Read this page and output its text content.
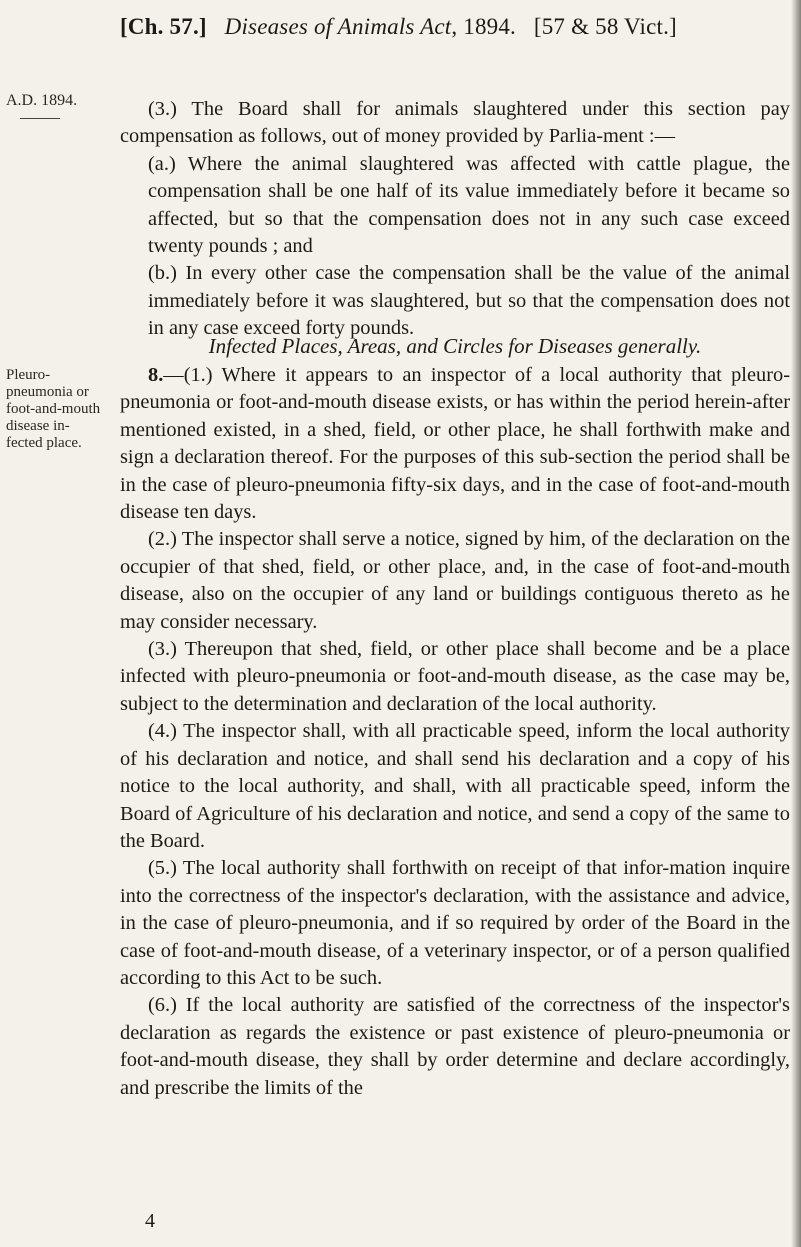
[Ch. 57.] Diseases of Animals Act, 1894. [57 & 58 Vict.]
A.D. 1894.
Pleuro-pneumonia or foot-and-mouth disease in-fected place.

(3.) The Board shall for animals slaughtered under this section pay compensation as follows, out of money provided by Parlia-ment :—

(a.) Where the animal slaughtered was affected with cattle plague, the compensation shall be one half of its value immediately before it became so affected, but so that the compensation does not in any such case exceed twenty pounds ; and

(b.) In every other case the compensation shall be the value of the animal immediately before it was slaughtered, but so that the compensation does not in any case exceed forty pounds.

Infected Places, Areas, and Circles for Diseases generally.

8.—(1.) Where it appears to an inspector of a local authority that pleuro-pneumonia or foot-and-mouth disease exists, or has within the period herein-after mentioned existed, in a shed, field, or other place, he shall forthwith make and sign a declaration thereof. For the purposes of this sub-section the period shall be in the case of pleuro-pneumonia fifty-six days, and in the case of foot-and-mouth disease ten days.

(2.) The inspector shall serve a notice, signed by him, of the declaration on the occupier of that shed, field, or other place, and, in the case of foot-and-mouth disease, also on the occupier of any land or buildings contiguous thereto as he may consider necessary.

(3.) Thereupon that shed, field, or other place shall become and be a place infected with pleuro-pneumonia or foot-and-mouth disease, as the case may be, subject to the determination and declaration of the local authority.

(4.) The inspector shall, with all practicable speed, inform the local authority of his declaration and notice, and shall send his declaration and a copy of his notice to the local authority, and shall, with all practicable speed, inform the Board of Agriculture of his declaration and notice, and send a copy of the same to the Board.

(5.) The local authority shall forthwith on receipt of that infor-mation inquire into the correctness of the inspector's declaration, with the assistance and advice, in the case of pleuro-pneumonia, and if so required by order of the Board in the case of foot-and-mouth disease, of a veterinary inspector, or of a person qualified according to this Act to be such.

(6.) If the local authority are satisfied of the correctness of the inspector's declaration as regards the existence or past existence of pleuro-pneumonia or foot-and-mouth disease, they shall by order determine and declare accordingly, and prescribe the limits of the

4
